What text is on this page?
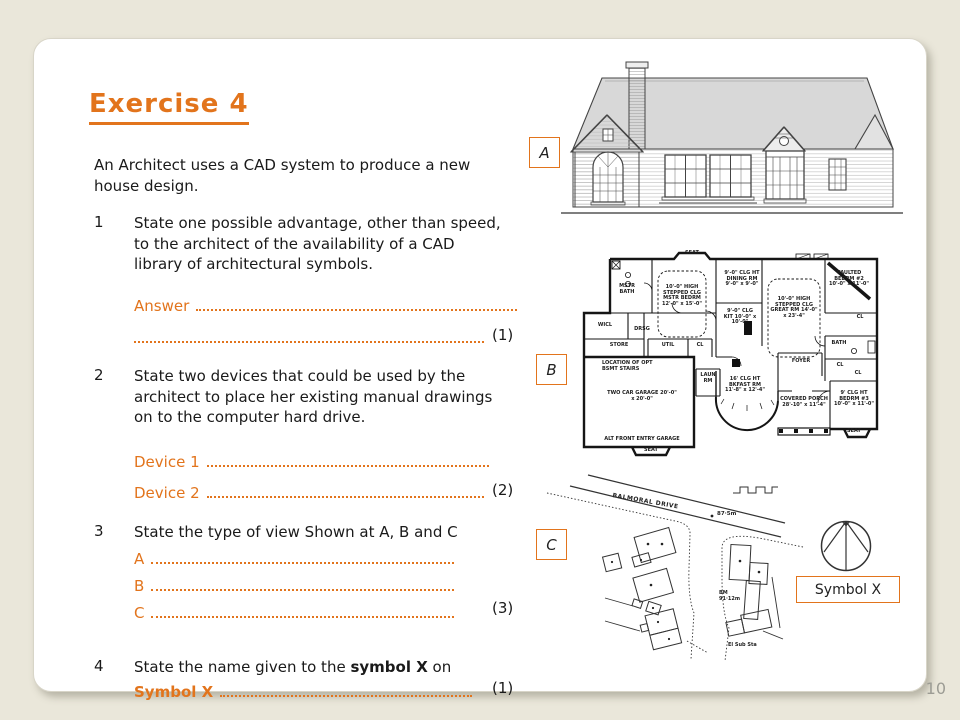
Exercise 4
An Architect uses a CAD system to produce a new
house design.
1 State one possible advantage, other than speed,
to the architect of the availability of a CAD
library of architectural symbols.
Answer
(1)
2 State two devices that could be used by the
architect to place her existing manual drawings
on to the computer hard drive.
Device 1
Device 2	(2)
3 State the type of view Shown at A, B and C
A
B
C	(3)
4 State the name given to the symbol X on
Symbol X	(1)	10
A
B
C
SEAT
MSTR BATH
10'-0" HIGH STEPPED CLG MSTR BEDRM 12'-0" x 15'-0"
9'-0" CLG HT DINING RM 9'-0" x 9'-0"
10'-0" HIGH STEPPED CLG GREAT RM 14'-0" x 23'-4"
VAULTED BEDRM #2 10'-0" x 11'-0"
WICL
DRSG
STORE	UTIL	CL
9'-0" CLG KIT 10'-0" x 10'-0"
LOCATION OF OPT BSMT STAIRS
TWO CAR GARAGE 20'-0" x 20'-0"
LAUN RM	16' CLG HT BKFAST RM 11'-8" x 12'-4"
FOYER
COVERED PORCH 28'-10" x 11'-4"
9' CLG HT BEDRM #3 10'-0" x 11'-0"
ALT FRONT ENTRY GARAGE
SEAT
SEAT
BATH
CL
CL
CL
BALMORAL DRIVE
87·5m
BM
91·12m
El Sub Sta
Symbol X
